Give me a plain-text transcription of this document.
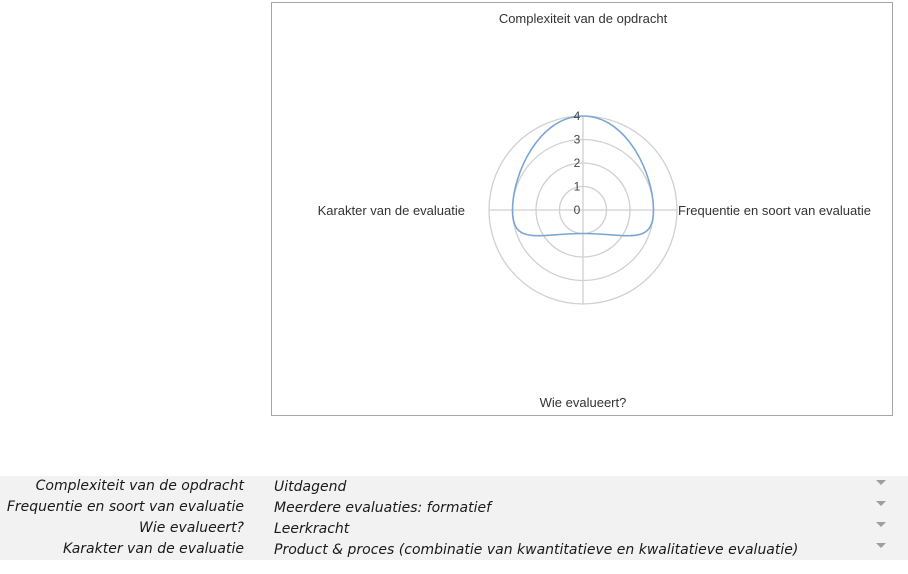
0
1
2
3
4
Complexiteit van de opdracht
Frequentie en soort van evaluatie
Wie evalueert?
Karakter van de evaluatie
Complexiteit van de opdracht Uitdagend
Frequentie en soort van evaluatie Meerdere evaluaties: formatief
Wie evalueert? Leerkracht
Karakter van de evaluatie Product & proces (combinatie van kwantitatieve en kwalitatieve evaluatie)
